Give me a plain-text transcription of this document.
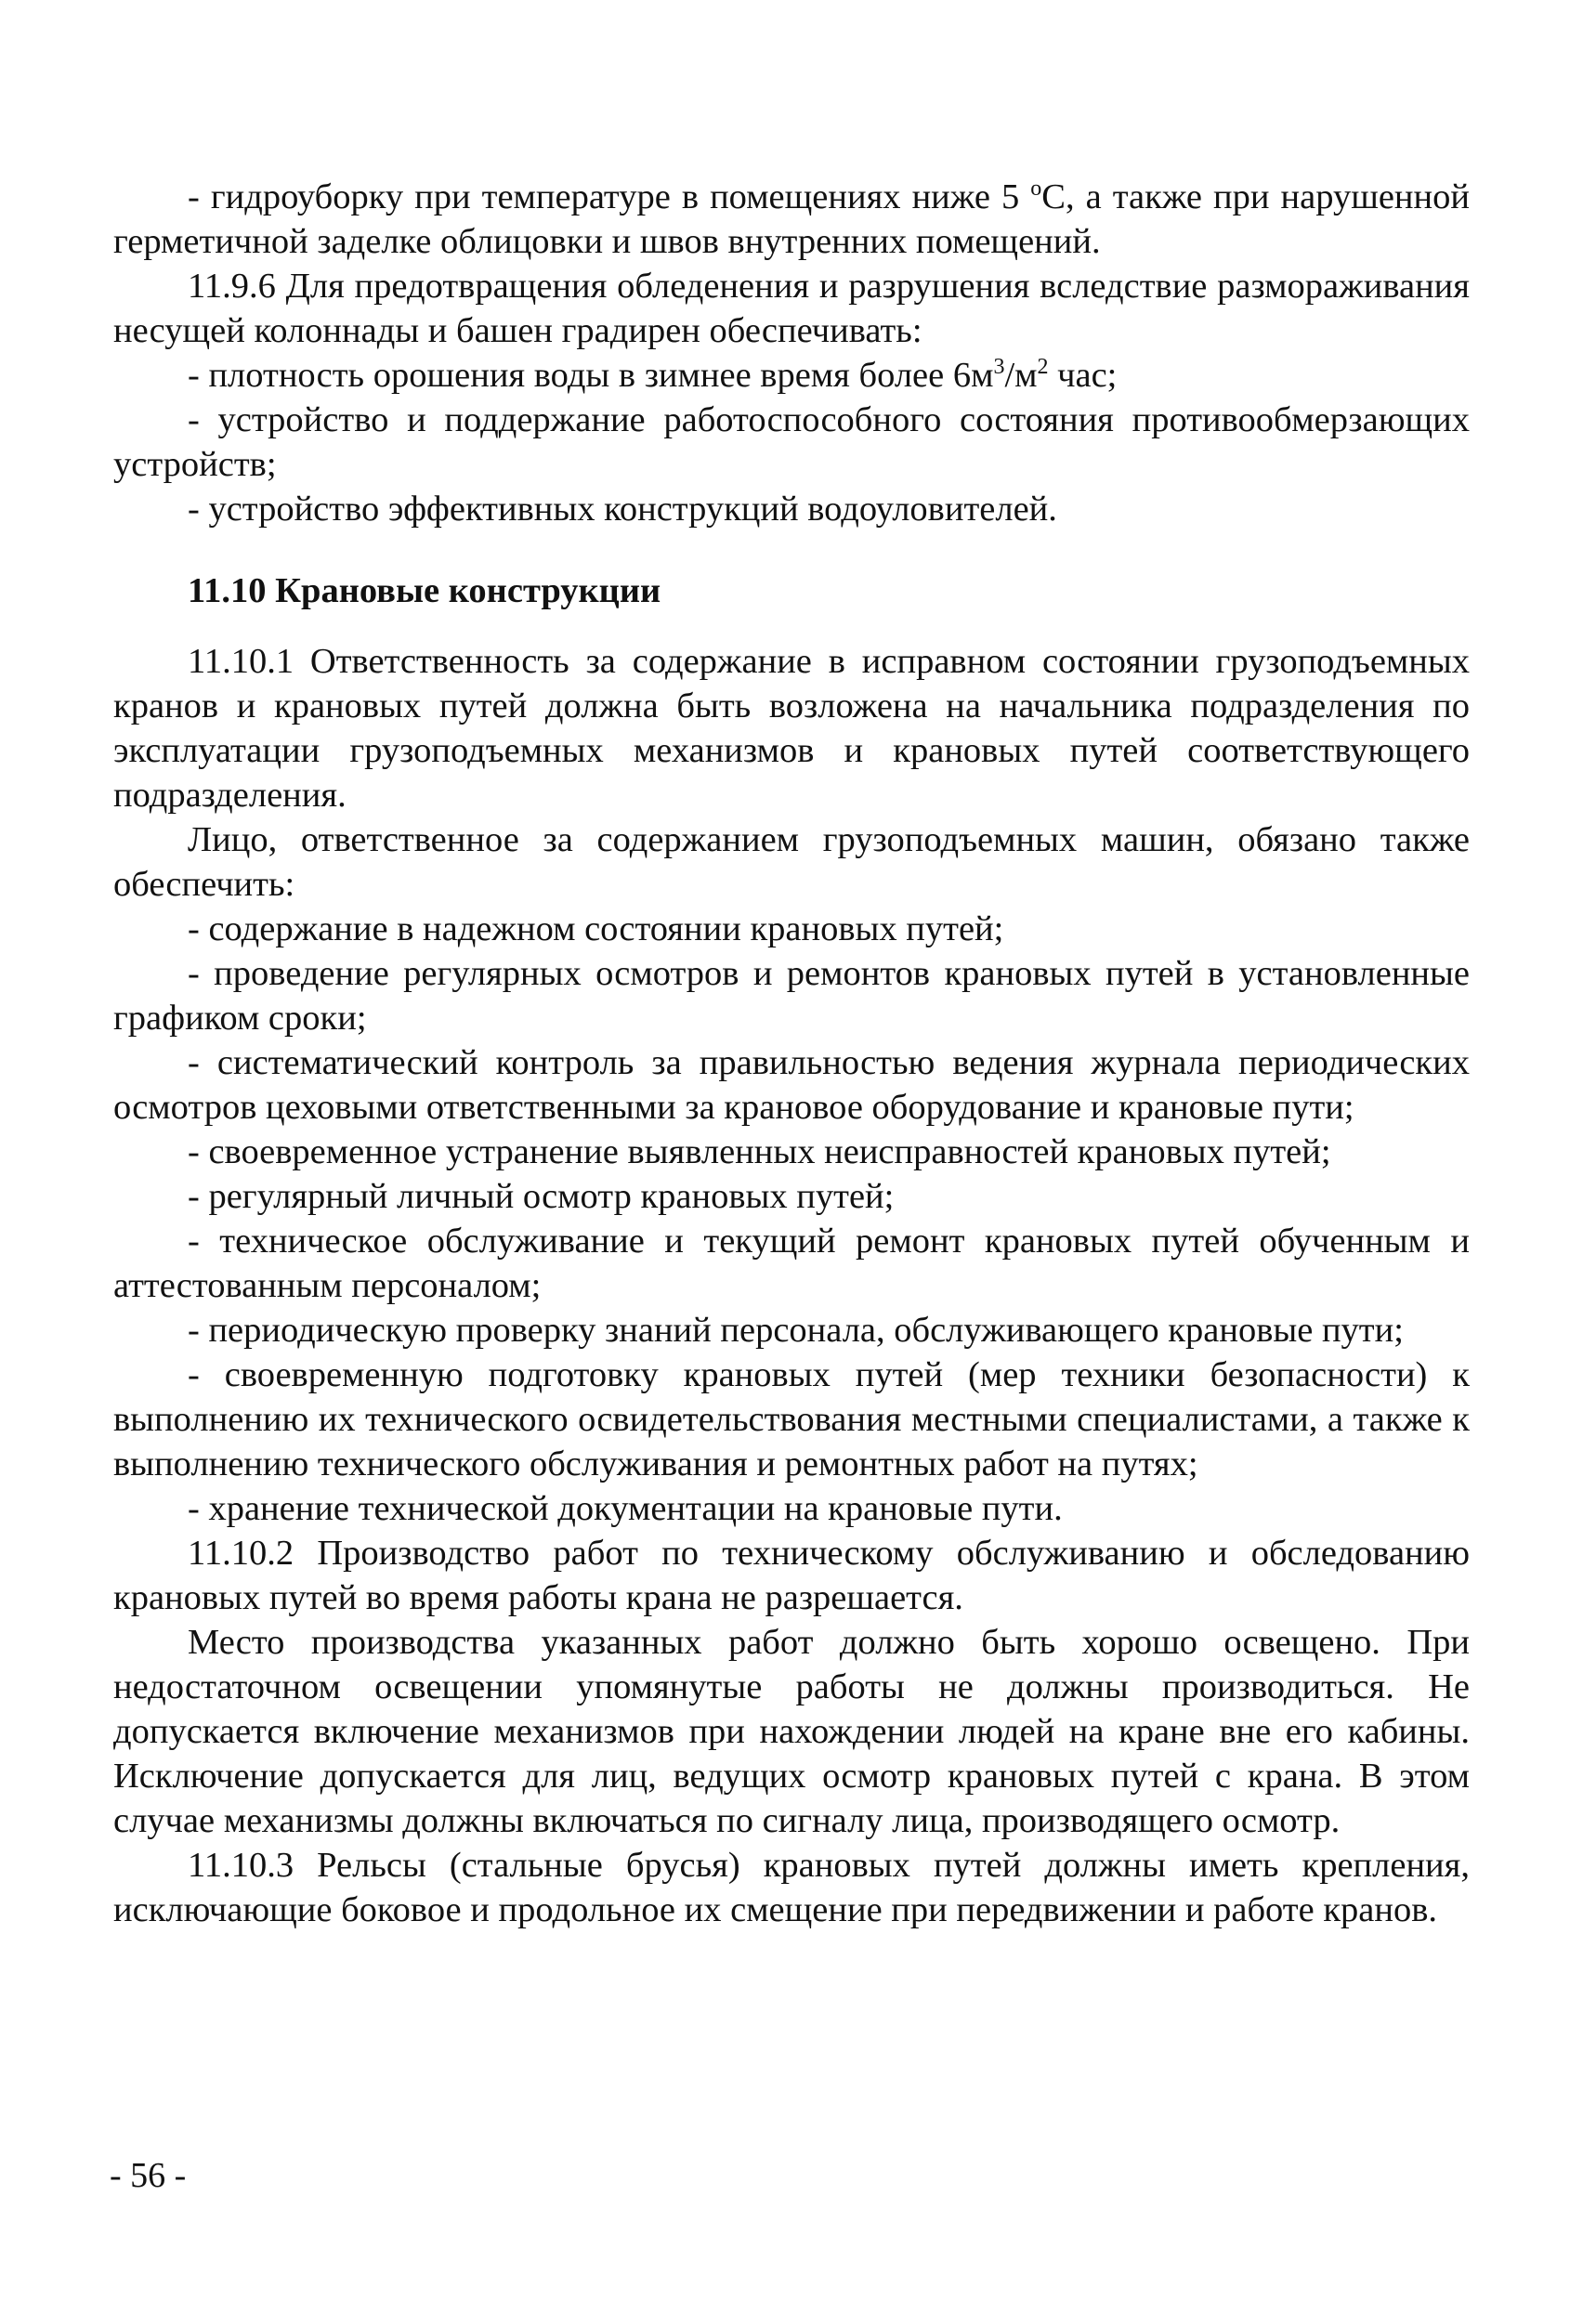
- гидроуборку при температуре в помещениях ниже 5 $^о$С, а также при нарушенной герметичной заделке облицовки и швов внутренних помещений.

11.9.6 Для предотвращения обледенения и разрушения вследствие размораживания несущей колоннады и башен градирен обеспечивать:

- плотность орошения воды в зимнее время более $6м^3/м^2$ час;

- устройство и поддержание работоспособного состояния противообмерзающих устройств;

- устройство эффективных конструкций водоуловителей.

11.10 Крановые конструкции

11.10.1 Ответственность за содержание в исправном состоянии грузоподъемных кранов и крановых путей должна быть возложена на начальника подразделения по эксплуатации грузоподъемных механизмов и крановых путей соответствующего подразделения.

Лицо, ответственное за содержанием грузоподъемных машин, обязано также обеспечить:

- содержание в надежном состоянии крановых путей;

- проведение регулярных осмотров и ремонтов крановых путей в установленные графиком сроки;

- систематический контроль за правильностью ведения журнала периодических осмотров цеховыми ответственными за крановое оборудование и крановые пути;

- своевременное устранение выявленных неисправностей крановых путей;

- регулярный личный осмотр крановых путей;

- техническое обслуживание и текущий ремонт крановых путей обученным и аттестованным персоналом;

- периодическую проверку знаний персонала, обслуживающего крановые пути;

- своевременную подготовку крановых путей (мер техники безопасности) к выполнению их технического освидетельствования местными специалистами, а также к выполнению технического обслуживания и ремонтных работ на путях;

- хранение технической документации на крановые пути.

11.10.2 Производство работ по техническому обслуживанию и обследованию крановых путей во время работы крана не разрешается.

Место производства указанных работ должно быть хорошо освещено. При недостаточном освещении упомянутые работы не должны производиться. Не допускается включение механизмов при нахождении людей на кране вне его кабины. Исключение допускается для лиц, ведущих осмотр крановых путей с крана. В этом случае механизмы должны включаться по сигналу лица, производящего осмотр.

11.10.3 Рельсы (стальные брусья) крановых путей должны иметь крепления, исключающие боковое и продольное их смещение при передвижении и работе кранов.

- 56 -
